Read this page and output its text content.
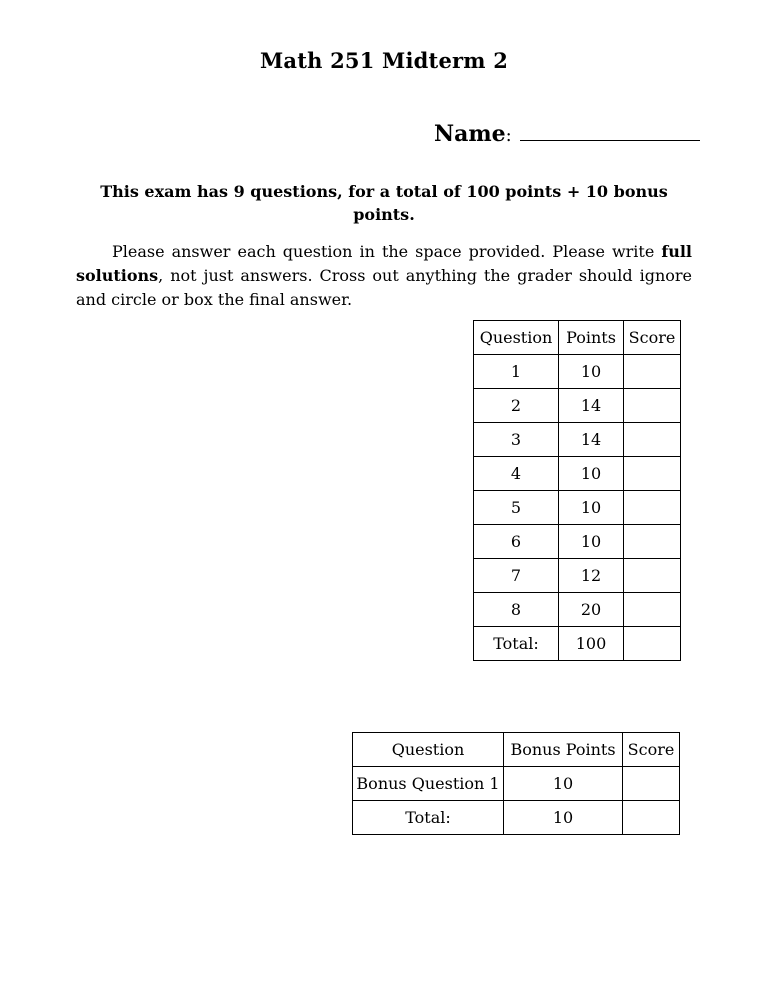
Math 251 Midterm 2
Name :
This exam has 9 questions, for a total of 100 points + 10 bonus points.
Please answer each question in the space provided. Please write full solutions, not just answers. Cross out anything the grader should ignore and circle or box the final answer.
Question	Points	Score
1	10	
2	14	
3	14	
4	10	
5	10	
6	10	
7	12	
8	20	
Total:	100	
Question	Bonus Points	Score
Bonus Question 1	10	
Total:	10	
